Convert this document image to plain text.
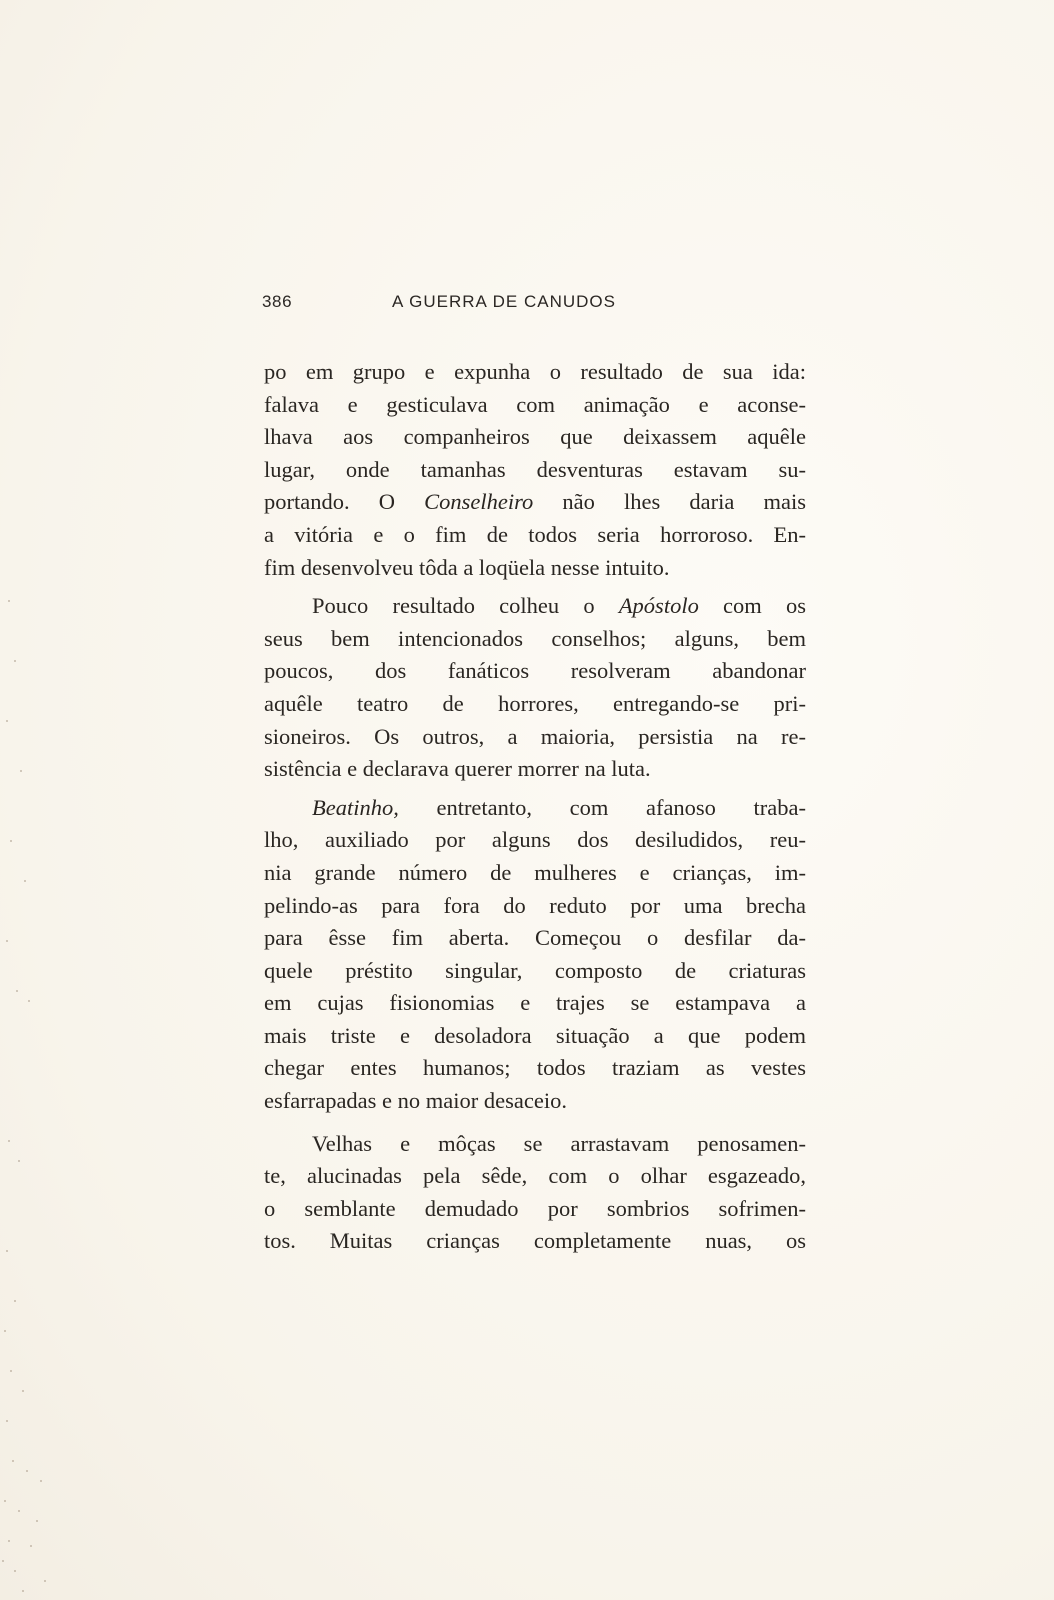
386	A GUERRA DE CANUDOS
po em grupo e expunha o resultado de sua ida:
falava e gesticulava com animação e aconse-
lhava aos companheiros que deixassem aquêle
lugar, onde tamanhas desventuras estavam su-
portando. O Conselheiro não lhes daria mais
a vitória e o fim de todos seria horroroso. En-
fim desenvolveu tôda a loqüela nesse intuito.
Pouco resultado colheu o Apóstolo com os
seus bem intencionados conselhos; alguns, bem
poucos, dos fanáticos resolveram abandonar
aquêle teatro de horrores, entregando-se pri-
sioneiros. Os outros, a maioria, persistia na re-
sistência e declarava querer morrer na luta.
Beatinho, entretanto, com afanoso traba-
lho, auxiliado por alguns dos desiludidos, reu-
nia grande número de mulheres e crianças, im-
pelindo-as para fora do reduto por uma brecha
para êsse fim aberta. Começou o desfilar da-
quele préstito singular, composto de criaturas
em cujas fisionomias e trajes se estampava a
mais triste e desoladora situação a que podem
chegar entes humanos; todos traziam as vestes
esfarrapadas e no maior desaceio.
Velhas e môças se arrastavam penosamen-
te, alucinadas pela sêde, com o olhar esgazeado,
o semblante demudado por sombrios sofrimen-
tos. Muitas crianças completamente nuas, os
